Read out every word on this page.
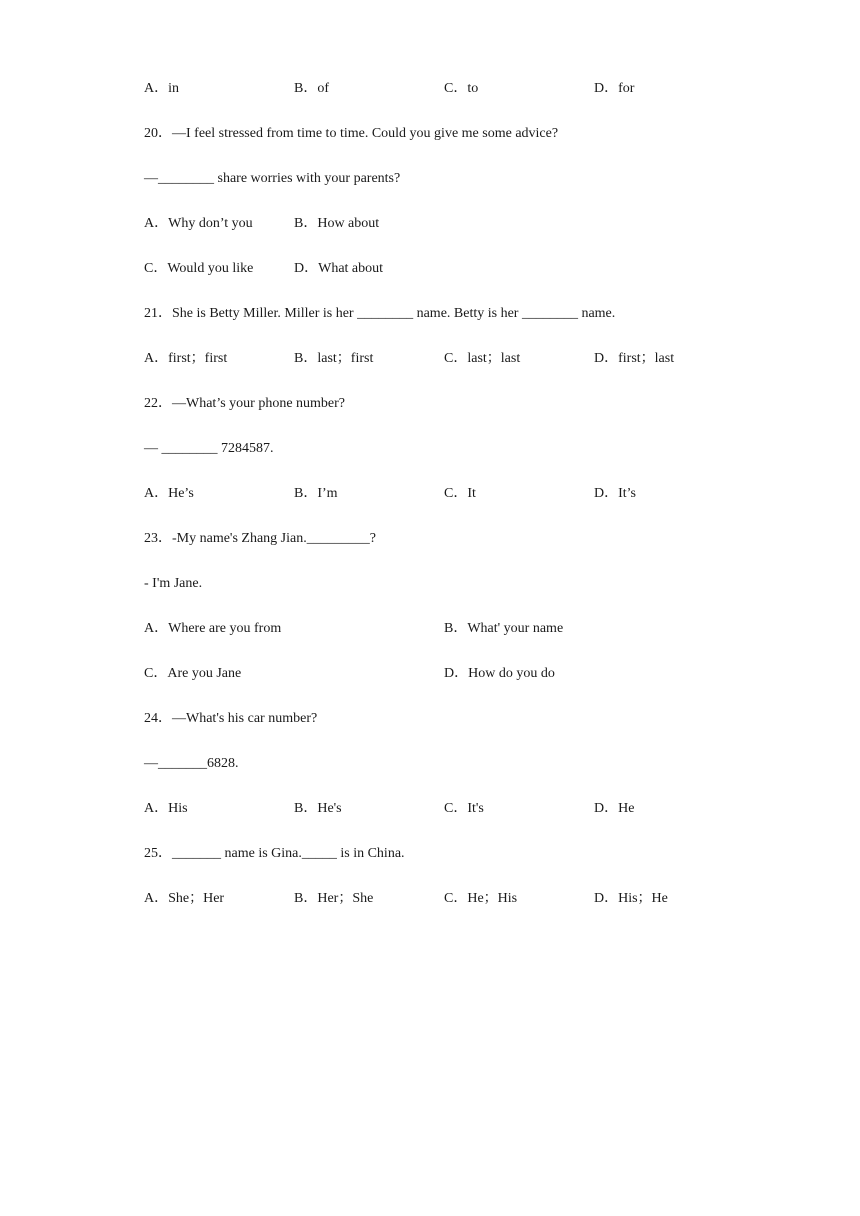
A．in	B．of	C．to	D．for
20．—I feel stressed from time to time. Could you give me some advice?
—________ share worries with your parents?
A．Why don’t you	B．How about
C．Would you like	D．What about
21．She is Betty Miller. Miller is her ________ name. Betty is her ________ name.
A．first；first	B．last；first	C．last；last	D．first；last
22．—What’s your phone number?
— ________ 7284587.
A．He’s	B．I’m	C．It	D．It’s
23．-My name's Zhang Jian._________?
- I'm Jane.
A．Where are you from	B．What' your name
C．Are you Jane	D．How do you do
24．—What's his car number?
—_______6828.
A．His	B．He's	C．It's	D．He
25．_______ name is Gina._____ is in China.
A．She；Her	B．Her；She	C．He；His	D．His；He
